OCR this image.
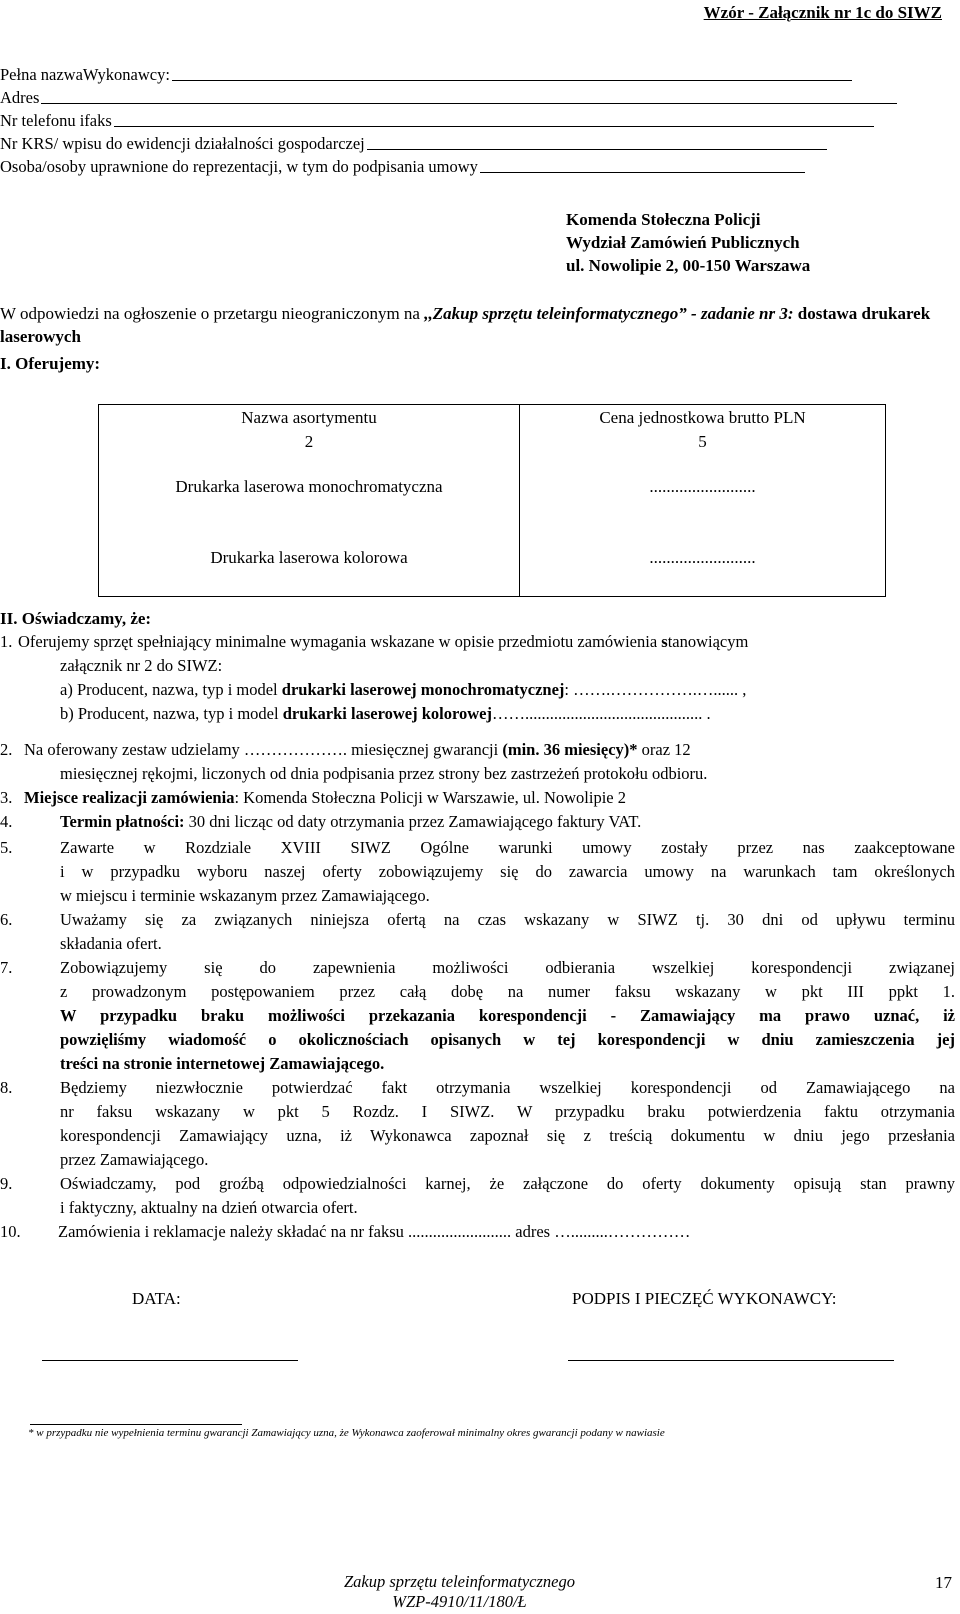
Wzór - Załącznik nr 1c do SIWZ
Pełna nazwaWykonawcy:
Adres
Nr telefonu ifaks
Nr KRS/ wpisu do ewidencji działalności gospodarczej
Osoba/osoby uprawnione do reprezentacji, w tym do podpisania umowy
Komenda Stołeczna Policji
Wydział Zamówień Publicznych
ul. Nowolipie 2, 00-150 Warszawa
W odpowiedzi na ogłoszenie o przetargu nieograniczonym na ,,Zakup sprzętu teleinformatycznego” - zadanie nr 3: dostawa drukarek laserowych
I. Oferujemy:
Nazwa asortymentu	Cena jednostkowa brutto PLN
2	5
Drukarka laserowa monochromatyczna	.........................
Drukarka laserowa kolorowa	.........................
II. Oświadczamy, że:
1. Oferujemy sprzęt spełniający minimalne wymagania wskazane w opisie przedmiotu zamówienia stanowiącym
załącznik nr 2 do SIWZ:
a) Producent, nazwa, typ i model drukarki laserowej monochromatycznej: …….…………….…...... ,
b) Producent, nazwa, typ i model drukarki laserowej kolorowej……........................................... .
2. Na oferowany zestaw udzielamy ………………. miesięcznej gwarancji (min. 36 miesięcy)* oraz 12
miesięcznej rękojmi, liczonych od dnia podpisania przez strony bez zastrzeżeń protokołu odbioru.
3. Miejsce realizacji zamówienia: Komenda Stołeczna Policji w Warszawie, ul. Nowolipie 2
4.	Termin płatności: 30 dni licząc od daty otrzymania przez Zamawiającego faktury VAT.
5.	Zawarte w Rozdziale XVIII SIWZ Ogólne warunki umowy zostały przez nas zaakceptowane
i w przypadku wyboru naszej oferty zobowiązujemy się do zawarcia umowy na warunkach tam określonych
w miejscu i terminie wskazanym przez Zamawiającego.
6.	Uważamy się za związanych niniejsza ofertą na czas wskazany w SIWZ tj. 30 dni od upływu terminu
składania ofert.
7.	Zobowiązujemy się do zapewnienia możliwości odbierania wszelkiej korespondencji związanej
z prowadzonym postępowaniem przez całą dobę na numer faksu wskazany w pkt III ppkt 1.
W przypadku braku możliwości przekazania korespondencji - Zamawiający ma prawo uznać, iż
powzięliśmy wiadomość o okolicznościach opisanych w tej korespondencji w dniu zamieszczenia jej
treści na stronie internetowej Zamawiającego.
8.	Będziemy niezwłocznie potwierdzać fakt otrzymania wszelkiej korespondencji od Zamawiającego na
nr faksu wskazany w pkt 5 Rozdz. I SIWZ. W przypadku braku potwierdzenia faktu otrzymania
korespondencji Zamawiający uzna, iż Wykonawca zapoznał się z treścią dokumentu w dniu jego przesłania
przez Zamawiającego.
9.	Oświadczamy, pod groźbą odpowiedzialności karnej, że załączone do oferty dokumenty opisują stan prawny
i faktyczny, aktualny na dzień otwarcia ofert.
10. Zamówienia i reklamacje należy składać na nr faksu ......................... adres ….........……………
DATA:	PODPIS I PIECZĘĆ WYKONAWCY:
* w przypadku nie wypełnienia terminu gwarancji Zamawiający uzna, że Wykonawca zaoferował minimalny okres gwarancji podany w nawiasie
Zakup sprzętu teleinformatycznego
WZP-4910/11/180/Ł
17
